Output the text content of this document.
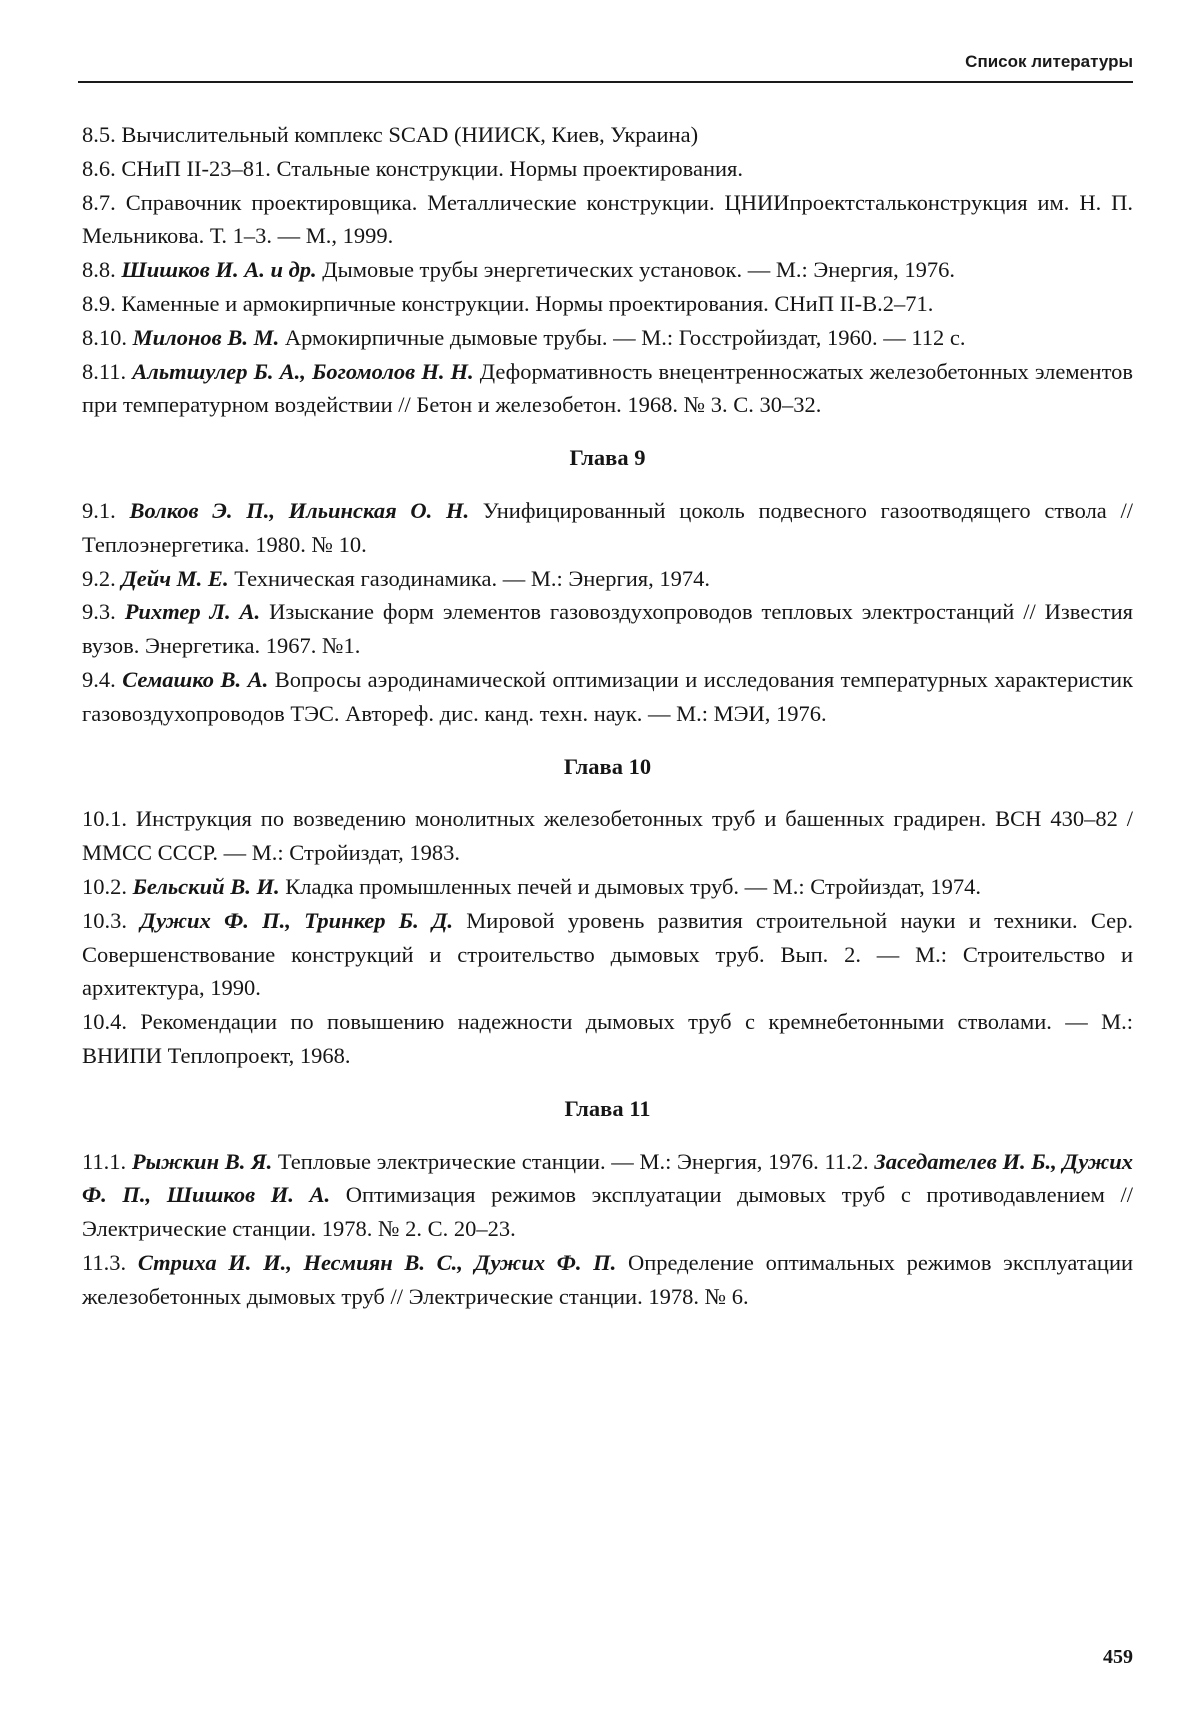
Список литературы

8.5. Вычислительный комплекс SCAD (НИИСК, Киев, Украина)

8.6. СНиП II-23–81. Стальные конструкции. Нормы проектирования.

8.7. Справочник проектировщика. Металлические конструкции. ЦНИИпроектстальконструкция им. Н. П. Мельникова. Т. 1–3. — М., 1999.

8.8. Шишков И. А. и др. Дымовые трубы энергетических установок. — М.: Энергия, 1976.

8.9. Каменные и армокирпичные конструкции. Нормы проектирования. СНиП II-В.2–71.

8.10. Милонов В. М. Армокирпичные дымовые трубы. — М.: Госстройиздат, 1960. — 112 с.

8.11. Альтшулер Б. А., Богомолов Н. Н. Деформативность внецентренносжатых железобетонных элементов при температурном воздействии // Бетон и железобетон. 1968. № 3. С. 30–32.

Глава 9

9.1. Волков Э. П., Ильинская О. Н. Унифицированный цоколь подвесного газоотводящего ствола // Теплоэнергетика. 1980. № 10.

9.2. Дейч М. Е. Техническая газодинамика. — М.: Энергия, 1974.

9.3. Рихтер Л. А. Изыскание форм элементов газовоздухопроводов тепловых электростанций // Известия вузов. Энергетика. 1967. №1.

9.4. Семашко В. А. Вопросы аэродинамической оптимизации и исследования температурных характеристик газовоздухопроводов ТЭС. Автореф. дис. канд. техн. наук. — М.: МЭИ, 1976.

Глава 10

10.1. Инструкция по возведению монолитных железобетонных труб и башенных градирен. ВСН 430–82 / ММСС СССР. — М.: Стройиздат, 1983.

10.2. Бельский В. И. Кладка промышленных печей и дымовых труб. — М.: Стройиздат, 1974.

10.3. Дужих Ф. П., Тринкер Б. Д. Мировой уровень развития строительной науки и техники. Сер. Совершенствование конструкций и строительство дымовых труб. Вып. 2. — М.: Строительство и архитектура, 1990.

10.4. Рекомендации по повышению надежности дымовых труб с кремнебетонными стволами. — М.: ВНИПИ Теплопроект, 1968.

Глава 11

11.1. Рыжкин В. Я. Тепловые электрические станции. — М.: Энергия, 1976. 11.2. Заседателев И. Б., Дужих Ф. П., Шишков И. А. Оптимизация режимов эксплуатации дымовых труб с противодавлением // Электрические станции. 1978. № 2. С. 20–23.

11.3. Стриха И. И., Несмиян В. С., Дужих Ф. П. Определение оптимальных режимов эксплуатации железобетонных дымовых труб // Электрические станции. 1978. № 6.

459
